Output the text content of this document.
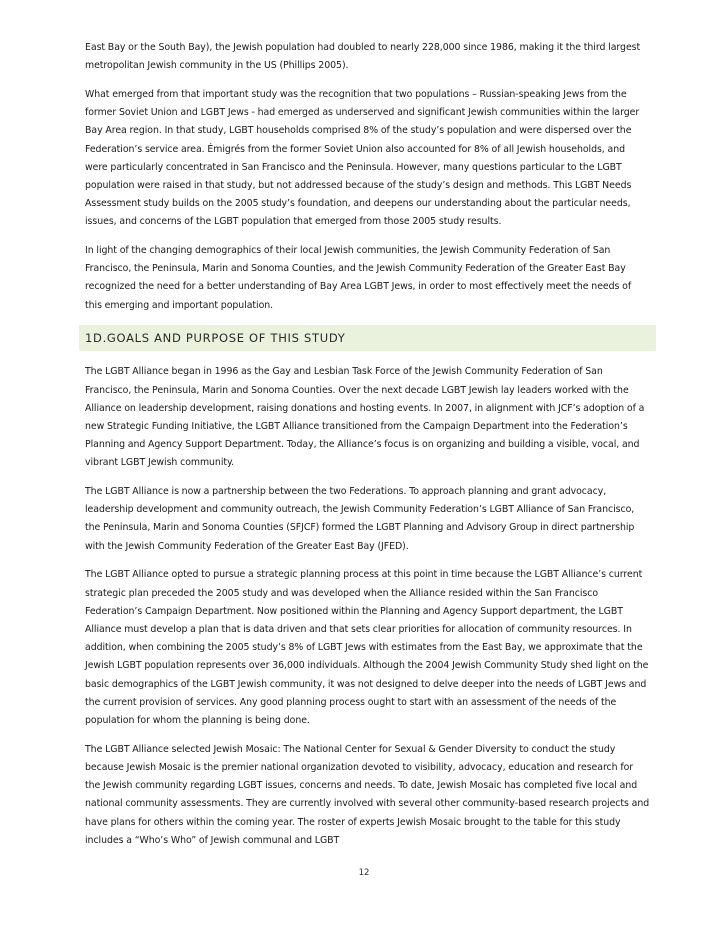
East Bay or the South Bay), the Jewish population had doubled to nearly 228,000 since 1986, making it the third largest metropolitan Jewish community in the US (Phillips 2005).

What emerged from that important study was the recognition that two populations – Russian-speaking Jews from the former Soviet Union and LGBT Jews - had emerged as underserved and significant Jewish communities within the larger Bay Area region. In that study, LGBT households comprised 8% of the study’s population and were dispersed over the Federation’s service area. Émigrés from the former Soviet Union also accounted for 8% of all Jewish households, and were particularly concentrated in San Francisco and the Peninsula. However, many questions particular to the LGBT population were raised in that study, but not addressed because of the study’s design and methods. This LGBT Needs Assessment study builds on the 2005 study’s foundation, and deepens our understanding about the particular needs, issues, and concerns of the LGBT population that emerged from those 2005 study results.

In light of the changing demographics of their local Jewish communities, the Jewish Community Federation of San Francisco, the Peninsula, Marin and Sonoma Counties, and the Jewish Community Federation of the Greater East Bay recognized the need for a better understanding of Bay Area LGBT Jews, in order to most effectively meet the needs of this emerging and important population.

1D.GOALS AND PURPOSE OF THIS STUDY

The LGBT Alliance began in 1996 as the Gay and Lesbian Task Force of the Jewish Community Federation of San Francisco, the Peninsula, Marin and Sonoma Counties. Over the next decade LGBT Jewish lay leaders worked with the Alliance on leadership development, raising donations and hosting events. In 2007, in alignment with JCF’s adoption of a new Strategic Funding Initiative, the LGBT Alliance transitioned from the Campaign Department into the Federation’s Planning and Agency Support Department. Today, the Alliance’s focus is on organizing and building a visible, vocal, and vibrant LGBT Jewish community.

The LGBT Alliance is now a partnership between the two Federations. To approach planning and grant advocacy, leadership development and community outreach, the Jewish Community Federation’s LGBT Alliance of San Francisco, the Peninsula, Marin and Sonoma Counties (SFJCF) formed the LGBT Planning and Advisory Group in direct partnership with the Jewish Community Federation of the Greater East Bay (JFED).

The LGBT Alliance opted to pursue a strategic planning process at this point in time because the LGBT Alliance’s current strategic plan preceded the 2005 study and was developed when the Alliance resided within the San Francisco Federation’s Campaign Department. Now positioned within the Planning and Agency Support department, the LGBT Alliance must develop a plan that is data driven and that sets clear priorities for allocation of community resources. In addition, when combining the 2005 study’s 8% of LGBT Jews with estimates from the East Bay, we approximate that the Jewish LGBT population represents over 36,000 individuals. Although the 2004 Jewish Community Study shed light on the basic demographics of the LGBT Jewish community, it was not designed to delve deeper into the needs of LGBT Jews and the current provision of services. Any good planning process ought to start with an assessment of the needs of the population for whom the planning is being done.

The LGBT Alliance selected Jewish Mosaic: The National Center for Sexual & Gender Diversity to conduct the study because Jewish Mosaic is the premier national organization devoted to visibility, advocacy, education and research for the Jewish community regarding LGBT issues, concerns and needs. To date, Jewish Mosaic has completed five local and national community assessments. They are currently involved with several other community-based research projects and have plans for others within the coming year. The roster of experts Jewish Mosaic brought to the table for this study includes a “Who’s Who” of Jewish communal and LGBT

12
